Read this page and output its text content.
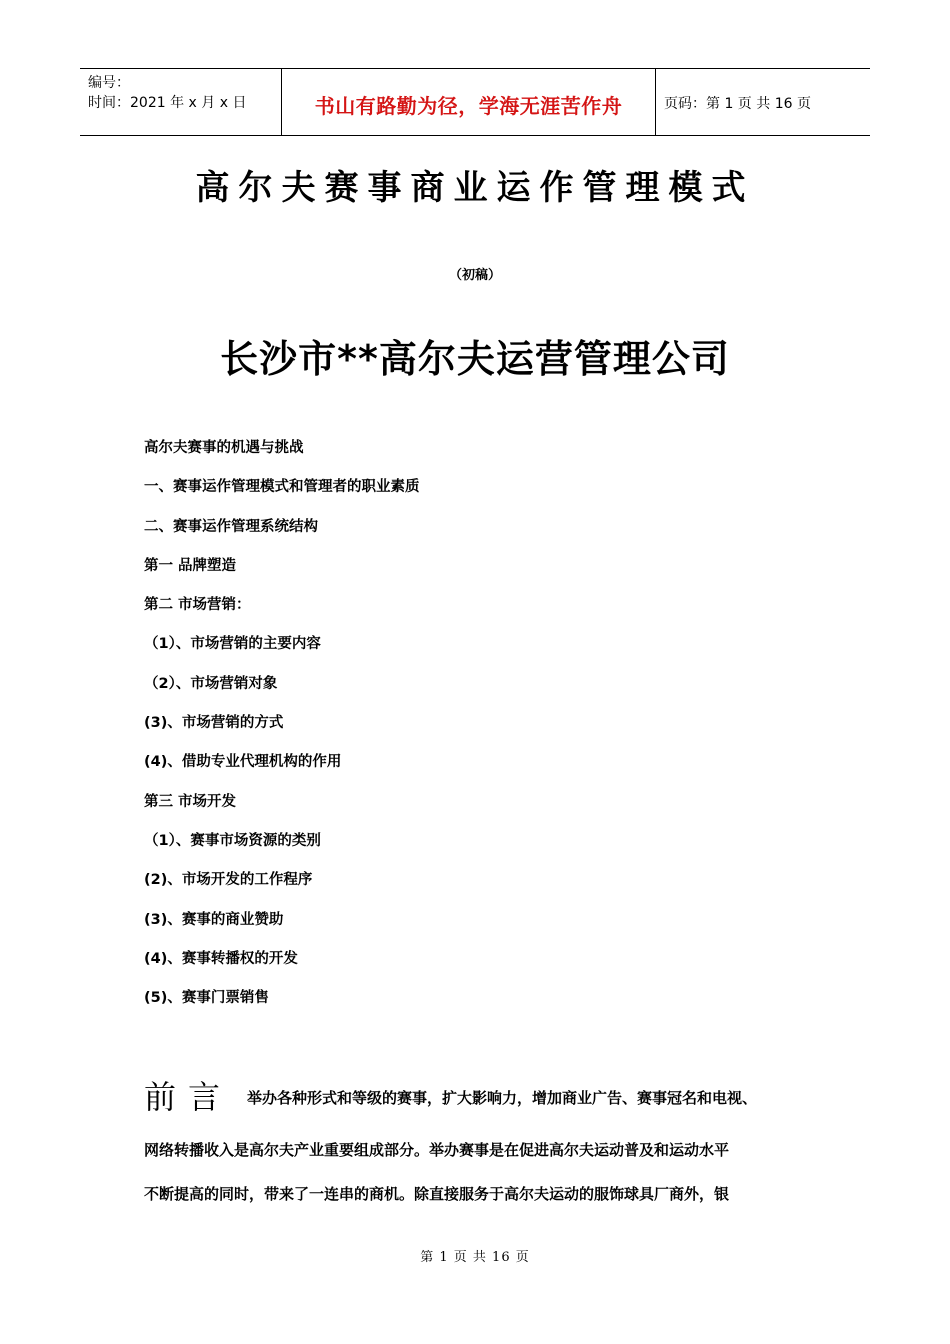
编号：
时间：2021 年 x 月 x 日	书山有路勤为径，学海无涯苦作舟	页码：第 1 页 共 16 页
高尔夫赛事商业运作管理模式
（初稿）
长沙市**高尔夫运营管理公司
高尔夫赛事的机遇与挑战
一、赛事运作管理模式和管理者的职业素质
二、赛事运作管理系统结构
第一 品牌塑造
第二 市场营销：
（1）、市场营销的主要内容
（2）、市场营销对象
(3)、市场营销的方式
(4)、借助专业代理机构的作用
第三 市场开发
（1）、赛事市场资源的类别
(2)、市场开发的工作程序
(3)、赛事的商业赞助
(4)、赛事转播权的开发
(5)、赛事门票销售
前言 举办各种形式和等级的赛事，扩大影响力，增加商业广告、赛事冠名和电视、
网络转播收入是高尔夫产业重要组成部分。举办赛事是在促进高尔夫运动普及和运动水平
不断提高的同时，带来了一连串的商机。除直接服务于高尔夫运动的服饰球具厂商外，银
第 1 页 共 16 页
